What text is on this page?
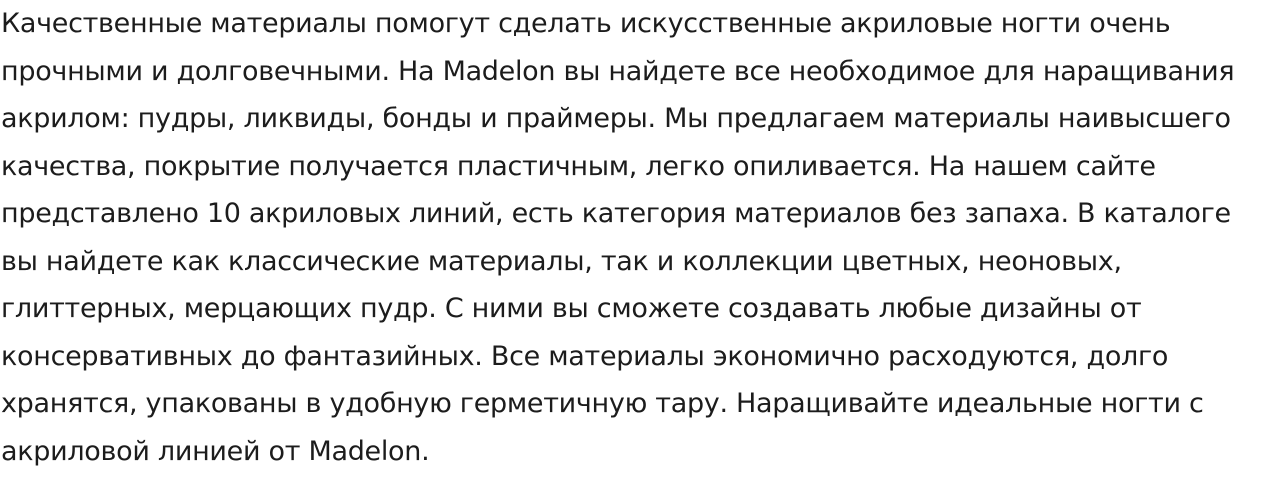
Качественные материалы помогут сделать искусственные акриловые ногти очень прочными и долговечными. На Madelon вы найдете все необходимое для наращивания акрилом: пудры, ликвиды, бонды и праймеры. Мы предлагаем материалы наивысшего качества, покрытие получается пластичным, легко опиливается. На нашем сайте представлено 10 акриловых линий, есть категория материалов без запаха. В каталоге вы найдете как классические материалы, так и коллекции цветных, неоновых, глиттерных, мерцающих пудр. С ними вы сможете создавать любые дизайны от консервативных до фантазийных. Все материалы экономично расходуются, долго хранятся, упакованы в удобную герметичную тару. Наращивайте идеальные ногти с акриловой линией от Madelon.
